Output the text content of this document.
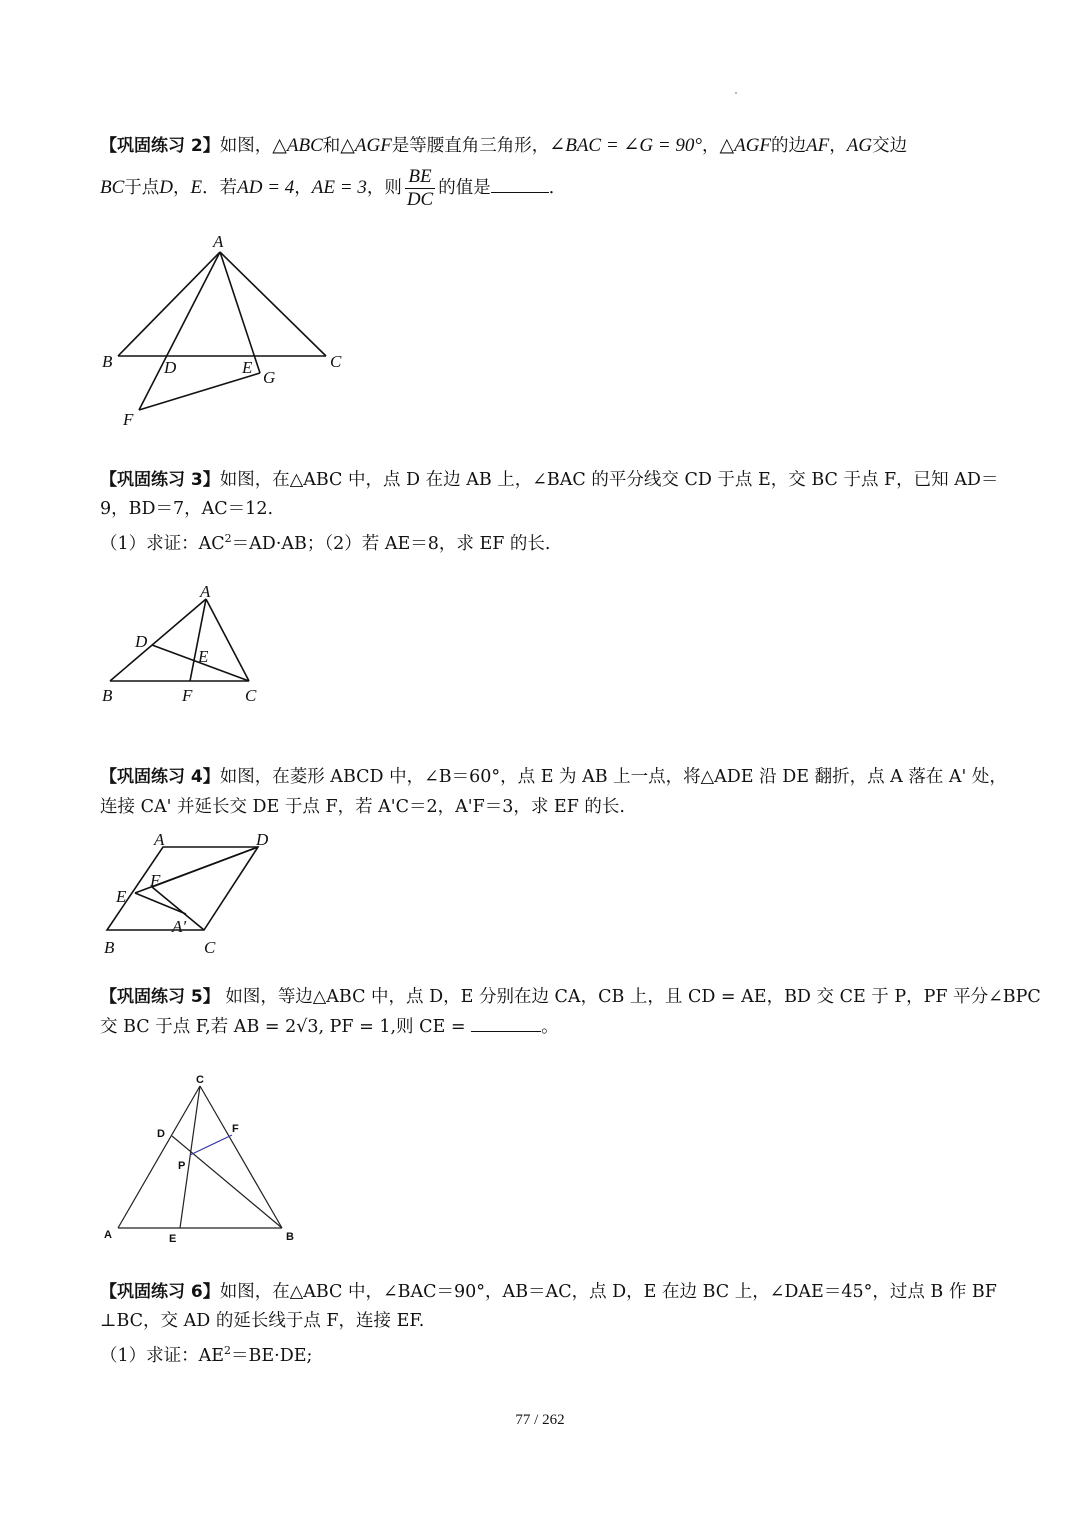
【巩固练习 2】如图，△ABC和△AGF是等腰直角三角形，∠BAC = ∠G = 90°，△AGF的边AF，AG交边
BC于点D，E．若AD = 4，AE = 3，则 $\frac{BE}{DC}$ 的值是	．
A
B	C
D	E
G
F
【巩固练习 3】如图，在△ABC 中，点 D 在边 AB 上，∠BAC 的平分线交 CD 于点 E，交 BC 于点 F，已知 AD＝
9，BD＝7，AC＝12.
（1）求证：$AC^2=AD\cdot AB$；（2）若 AE＝8，求 EF 的长.
A
B	C
D
E
F
【巩固练习 4】如图，在菱形 ABCD 中，∠B＝60°，点 E 为 AB 上一点，将△ADE 沿 DE 翻折，点 A 落在 A' 处，
连接 CA' 并延长交 DE 于点 F，若 A'C＝2，A'F＝3，求 EF 的长.
A	D
E
F
A'
B	C
【巩固练习 5】 如图，等边△ABC 中，点 D，E 分别在边 CA，CB 上，且 CD = AE，BD 交 CE 于 P，PF 平分∠BPC
交 BC 于点 F,若 AB = 2√3, PF = 1,则 CE =	。
C
D	F
P
A	E	B
【巩固练习 6】如图，在△ABC 中，∠BAC＝90°，AB＝AC，点 D，E 在边 BC 上，∠DAE＝45°，过点 B 作 BF
⊥BC，交 AD 的延长线于点 F，连接 EF.
（1）求证：$AE^2=BE\cdot DE$;
77 / 262
